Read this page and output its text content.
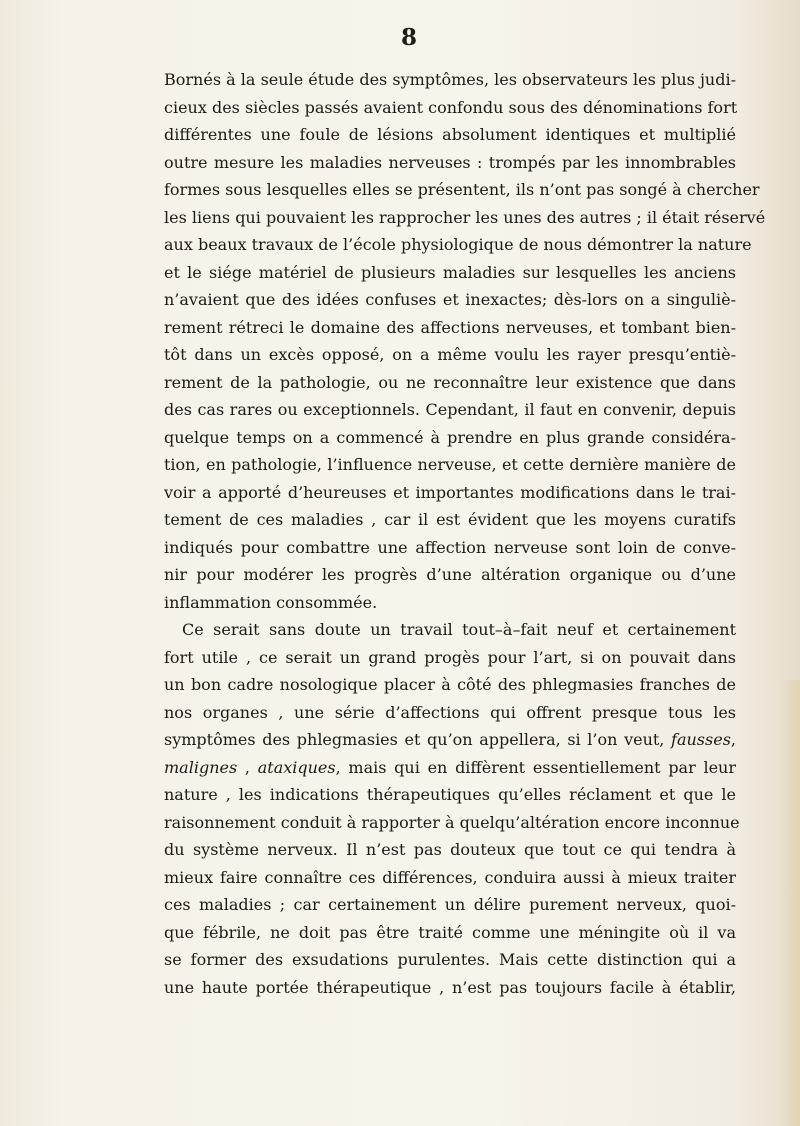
8
Bornés à la seule étude des symptômes, les observateurs les plus judi-
cieux des siècles passés avaient confondu sous des dénominations fort
différentes une foule de lésions absolument identiques et multiplié
outre mesure les maladies nerveuses : trompés par les innombrables
formes sous lesquelles elles se présentent, ils n’ont pas songé à chercher
les liens qui pouvaient les rapprocher les unes des autres ; il était réservé
aux beaux travaux de l’école physiologique de nous démontrer la nature
et le siége matériel de plusieurs maladies sur lesquelles les anciens
n’avaient que des idées confuses et inexactes; dès-lors on a singuliè-
rement rétreci le domaine des affections nerveuses, et tombant bien-
tôt dans un excès opposé, on a même voulu les rayer presqu’entiè-
rement de la pathologie, ou ne reconnaître leur existence que dans
des cas rares ou exceptionnels. Cependant, il faut en convenir, depuis
quelque temps on a commencé à prendre en plus grande considéra-
tion, en pathologie, l’influence nerveuse, et cette dernière manière de
voir a apporté d’heureuses et importantes modifications dans le trai-
tement de ces maladies , car il est évident que les moyens curatifs
indiqués pour combattre une affection nerveuse sont loin de conve-
nir pour modérer les progrès d’une altération organique ou d’une
inflammation consommée.
Ce serait sans doute un travail tout–à–fait neuf et certainement
fort utile , ce serait un grand progès pour l’art, si on pouvait dans
un bon cadre nosologique placer à côté des phlegmasies franches de
nos organes , une série d’affections qui offrent presque tous les
symptômes des phlegmasies et qu’on appellera, si l’on veut, fausses,
malignes , ataxiques, mais qui en diffèrent essentiellement par leur
nature , les indications thérapeutiques qu’elles réclament et que le
raisonnement conduit à rapporter à quelqu’altération encore inconnue
du système nerveux. Il n’est pas douteux que tout ce qui tendra à
mieux faire connaître ces différences, conduira aussi à mieux traiter
ces maladies ; car certainement un délire purement nerveux, quoi-
que fébrile, ne doit pas être traité comme une méningite où il va
se former des exsudations purulentes. Mais cette distinction qui a
une haute portée thérapeutique , n’est pas toujours facile à établir,
